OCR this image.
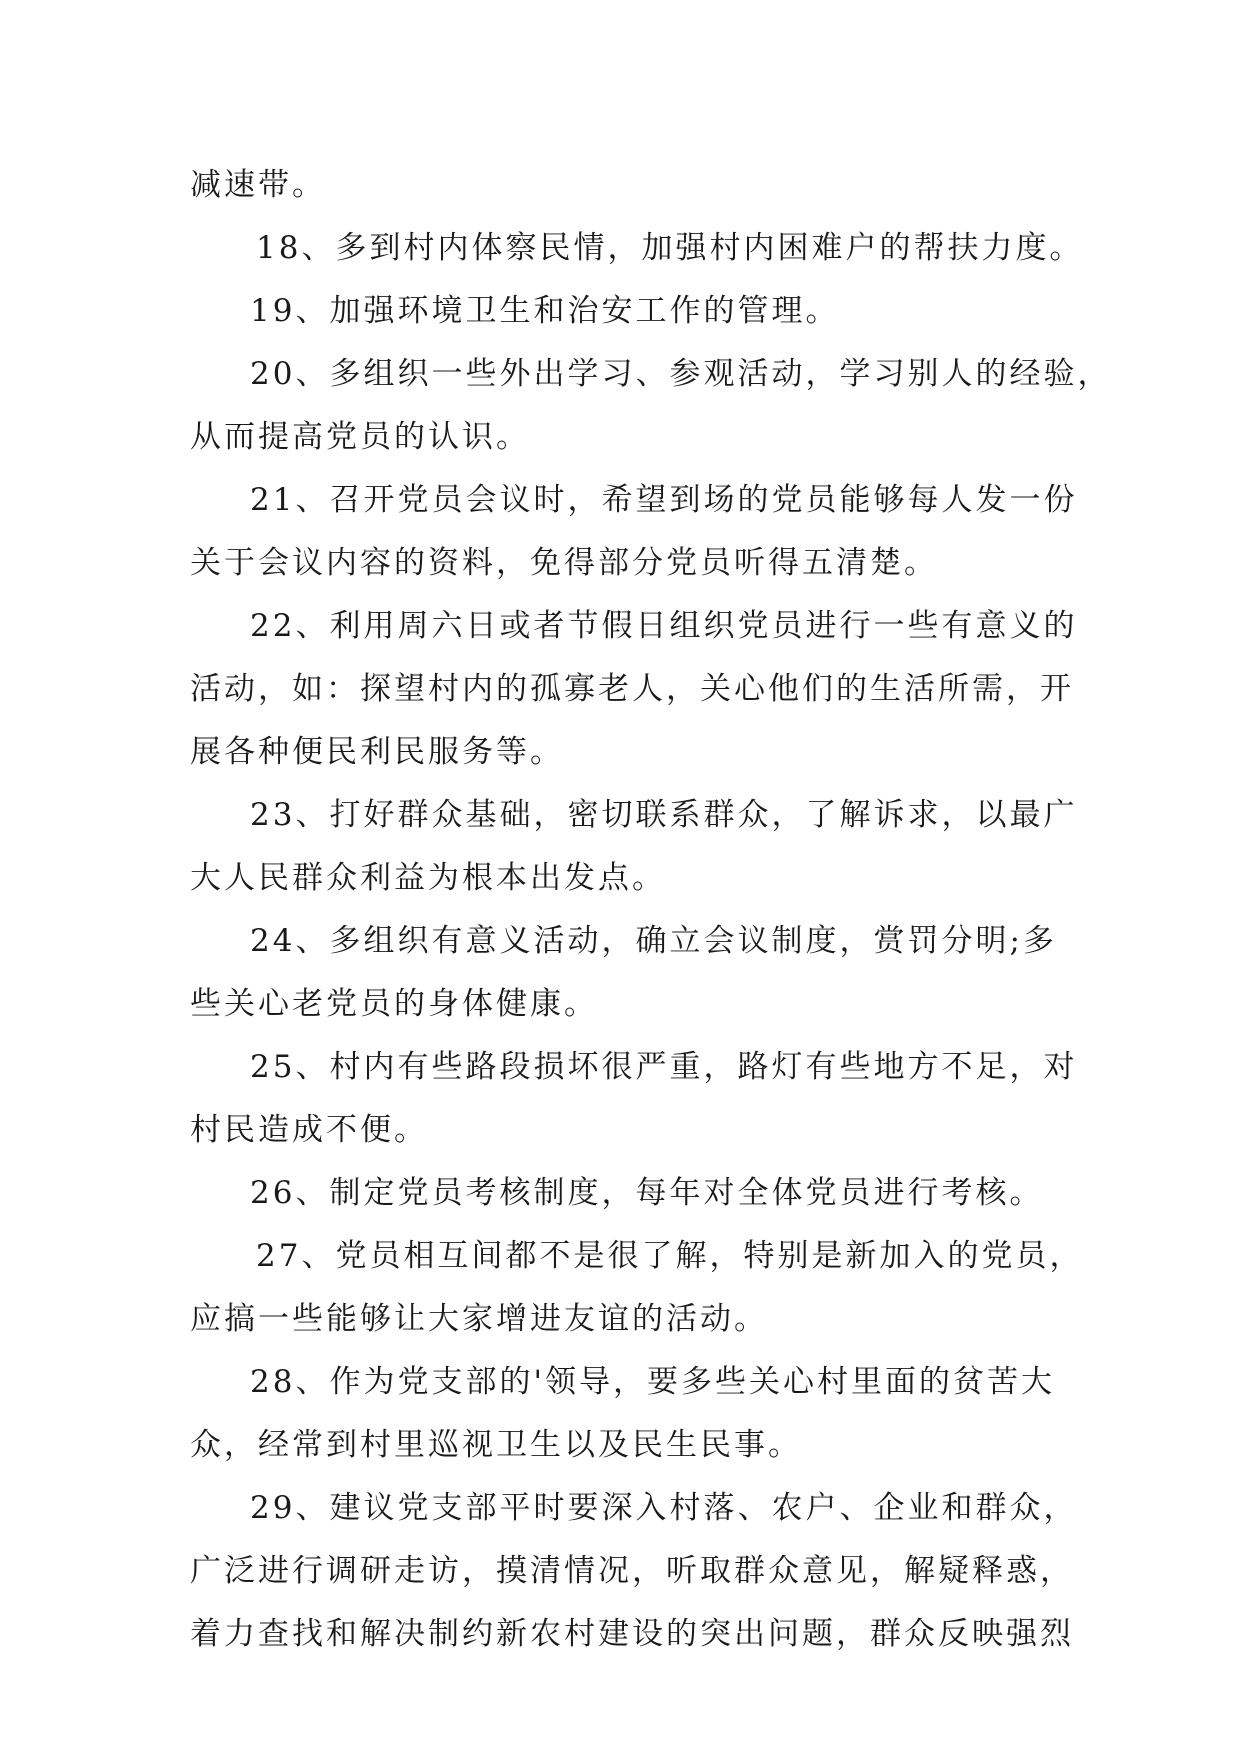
减速带。
18、多到村内体察民情，加强村内困难户的帮扶力度。
19、加强环境卫生和治安工作的管理。
20、多组织一些外出学习、参观活动，学习别人的经验，
从而提高党员的认识。
21、召开党员会议时，希望到场的党员能够每人发一份
关于会议内容的资料，免得部分党员听得五清楚。
22、利用周六日或者节假日组织党员进行一些有意义的
活动，如：探望村内的孤寡老人，关心他们的生活所需，开
展各种便民利民服务等。
23、打好群众基础，密切联系群众，了解诉求，以最广
大人民群众利益为根本出发点。
24、多组织有意义活动，确立会议制度，赏罚分明;多
些关心老党员的身体健康。
25、村内有些路段损坏很严重，路灯有些地方不足，对
村民造成不便。
26、制定党员考核制度，每年对全体党员进行考核。
27、党员相互间都不是很了解，特别是新加入的党员，
应搞一些能够让大家增进友谊的活动。
28、作为党支部的'领导，要多些关心村里面的贫苦大
众，经常到村里巡视卫生以及民生民事。
29、建议党支部平时要深入村落、农户、企业和群众，
广泛进行调研走访，摸清情况，听取群众意见，解疑释惑，
着力查找和解决制约新农村建设的突出问题，群众反映强烈
